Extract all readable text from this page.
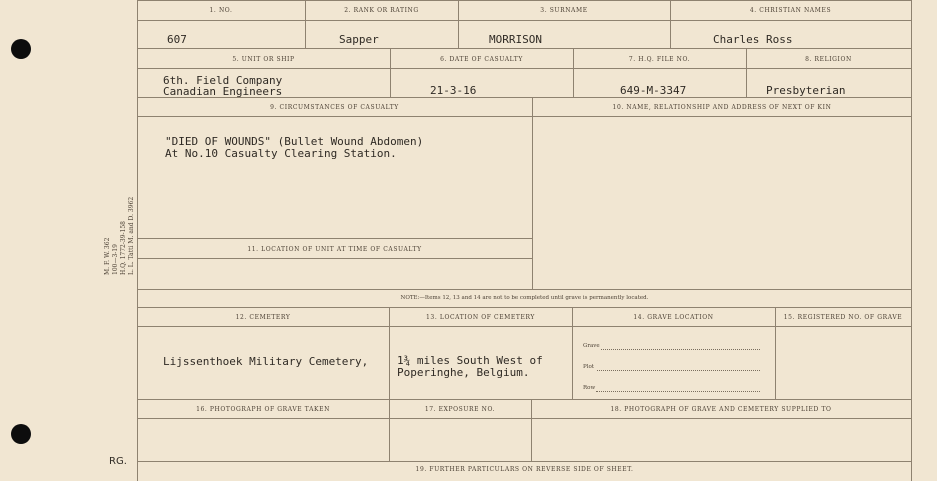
M. F. W. 362 100—3-19 H.Q. 1772-39-158 L. L. Tatti M. and D. 3962
RG.
1. NO.	2. RANK OR RATING	3. SURNAME	4. CHRISTIAN NAMES
607	Sapper	MORRISON	Charles Ross
5. UNIT OR SHIP	6. DATE OF CASUALTY	7. H.Q. FILE NO.	8. RELIGION
6th. Field Company
Canadian Engineers	21-3-16	649-M-3347	Presbyterian
9. CIRCUMSTANCES OF CASUALTY	10. NAME, RELATIONSHIP AND ADDRESS OF NEXT OF KIN
"DIED OF WOUNDS" (Bullet Wound Abdomen)
At No.10 Casualty Clearing Station.
11. LOCATION OF UNIT AT TIME OF CASUALTY
NOTE:—Items 12, 13 and 14 are not to be completed until grave is permanently located.
12. CEMETERY	13. LOCATION OF CEMETERY	14. GRAVE LOCATION	15. REGISTERED NO. OF GRAVE
Lijssenthoek Military Cemetery,	1¾ miles South West of
Poperinghe, Belgium.
Grave
Plot
Row
16. PHOTOGRAPH OF GRAVE TAKEN	17. EXPOSURE NO.	18. PHOTOGRAPH OF GRAVE AND CEMETERY SUPPLIED TO
19. FURTHER PARTICULARS ON REVERSE SIDE OF SHEET.
